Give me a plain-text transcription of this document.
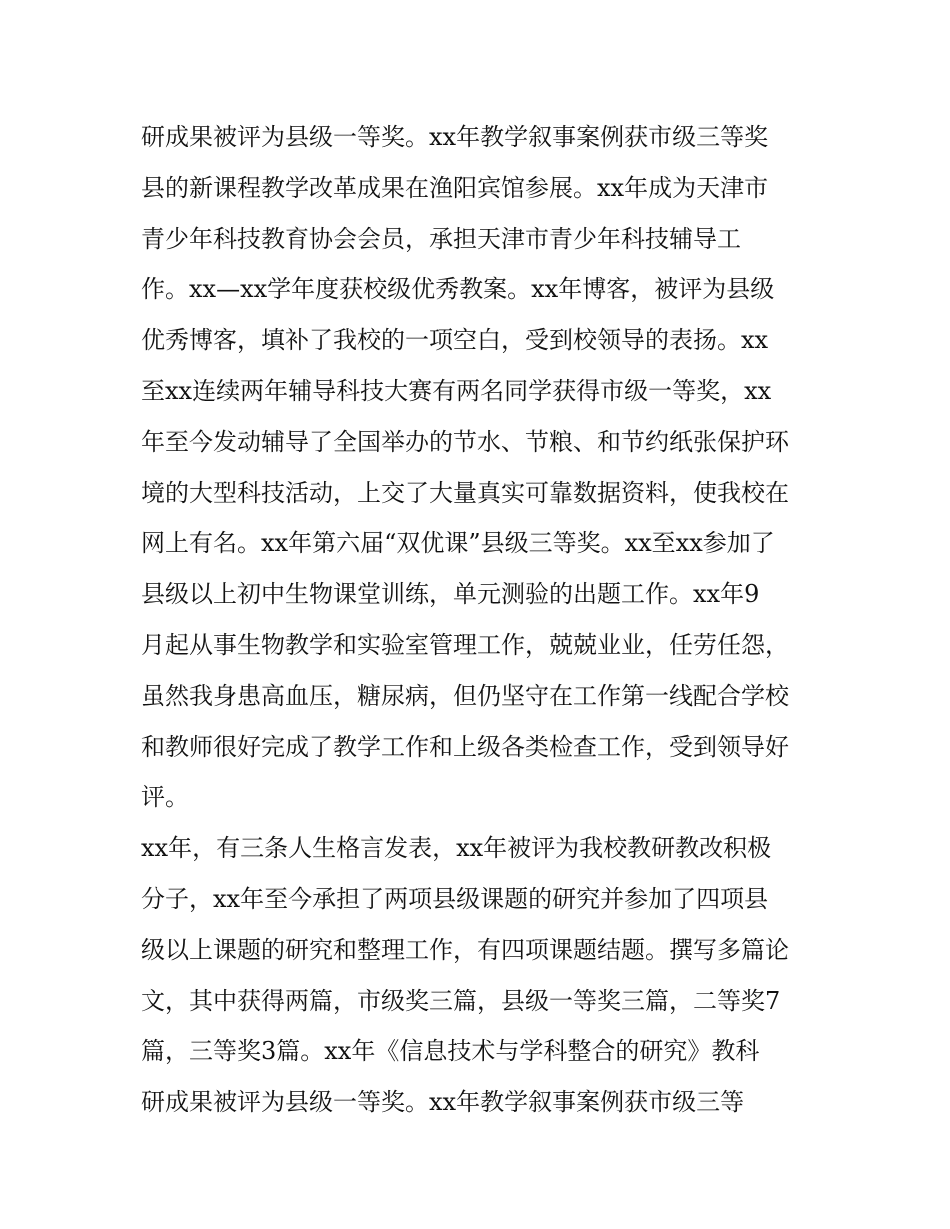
研成果被评为县级一等奖。xx年教学叙事案例获市级三等奖
县的新课程教学改革成果在渔阳宾馆参展。xx年成为天津市
青少年科技教育协会会员，承担天津市青少年科技辅导工
作。xx—xx学年度获校级优秀教案。xx年博客，被评为县级
优秀博客，填补了我校的一项空白，受到校领导的表扬。xx
至xx连续两年辅导科技大赛有两名同学获得市级一等奖，xx
年至今发动辅导了全国举办的节水、节粮、和节约纸张保护环
境的大型科技活动，上交了大量真实可靠数据资料，使我校在
网上有名。xx年第六届“双优课”县级三等奖。xx至xx参加了
县级以上初中生物课堂训练，单元测验的出题工作。xx年9
月起从事生物教学和实验室管理工作，兢兢业业，任劳任怨，
虽然我身患高血压，糖尿病，但仍坚守在工作第一线配合学校
和教师很好完成了教学工作和上级各类检查工作，受到领导好
评。
xx年，有三条人生格言发表，xx年被评为我校教研教改积极
分子，xx年至今承担了两项县级课题的研究并参加了四项县
级以上课题的研究和整理工作，有四项课题结题。撰写多篇论
文，其中获得两篇，市级奖三篇，县级一等奖三篇，二等奖7
篇，三等奖3篇。xx年《信息技术与学科整合的研究》教科
研成果被评为县级一等奖。xx年教学叙事案例获市级三等
